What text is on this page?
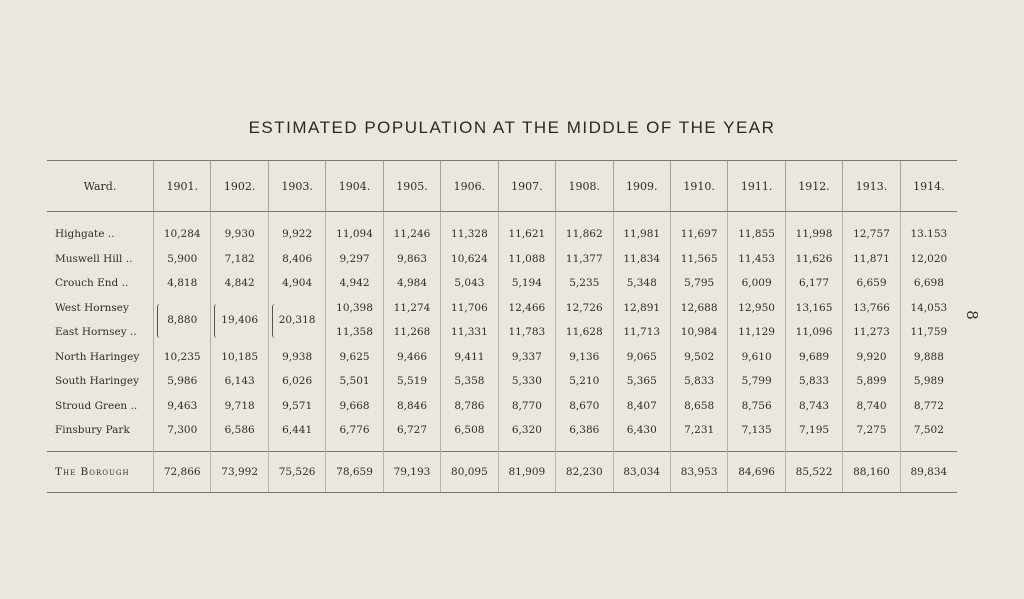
ESTIMATED POPULATION AT THE MIDDLE OF THE YEAR
8
Ward.	1901.	1902.	1903.	1904.	1905.	1906.	1907.	1908.	1909.	1910.	1911.	1912.	1913.	1914.
Highgate ..	10,284	9,930	9,922	11,094	11,246	11,328	11,621	11,862	11,981	11,697	11,855	11,998	12,757	13.153
Muswell Hill ..	5,900	7,182	8,406	9,297	9,863	10,624	11,088	11,377	11,834	11,565	11,453	11,626	11,871	12,020
Crouch End ..	4,818	4,842	4,904	4,942	4,984	5,043	5,194	5,235	5,348	5,795	6,009	6,177	6,659	6,698
West Hornsey	8,880	19,406	20,318	10,398	11,274	11,706	12,466	12,726	12,891	12,688	12,950	13,165	13,766	14,053
East Hornsey ..				11,358	11,268	11,331	11,783	11,628	11,713	10,984	11,129	11,096	11,273	11,759
North Haringey	10,235	10,185	9,938	9,625	9,466	9,411	9,337	9,136	9,065	9,502	9,610	9,689	9,920	9,888
South Haringey	5,986	6,143	6,026	5,501	5,519	5,358	5,330	5,210	5,365	5,833	5,799	5,833	5,899	5,989
Stroud Green ..	9,463	9,718	9,571	9,668	8,846	8,786	8,770	8,670	8,407	8,658	8,756	8,743	8,740	8,772
Finsbury Park	7,300	6,586	6,441	6,776	6,727	6,508	6,320	6,386	6,430	7,231	7,135	7,195	7,275	7,502
The Borough	72,866	73,992	75,526	78,659	79,193	80,095	81,909	82,230	83,034	83,953	84,696	85,522	88,160	89,834
